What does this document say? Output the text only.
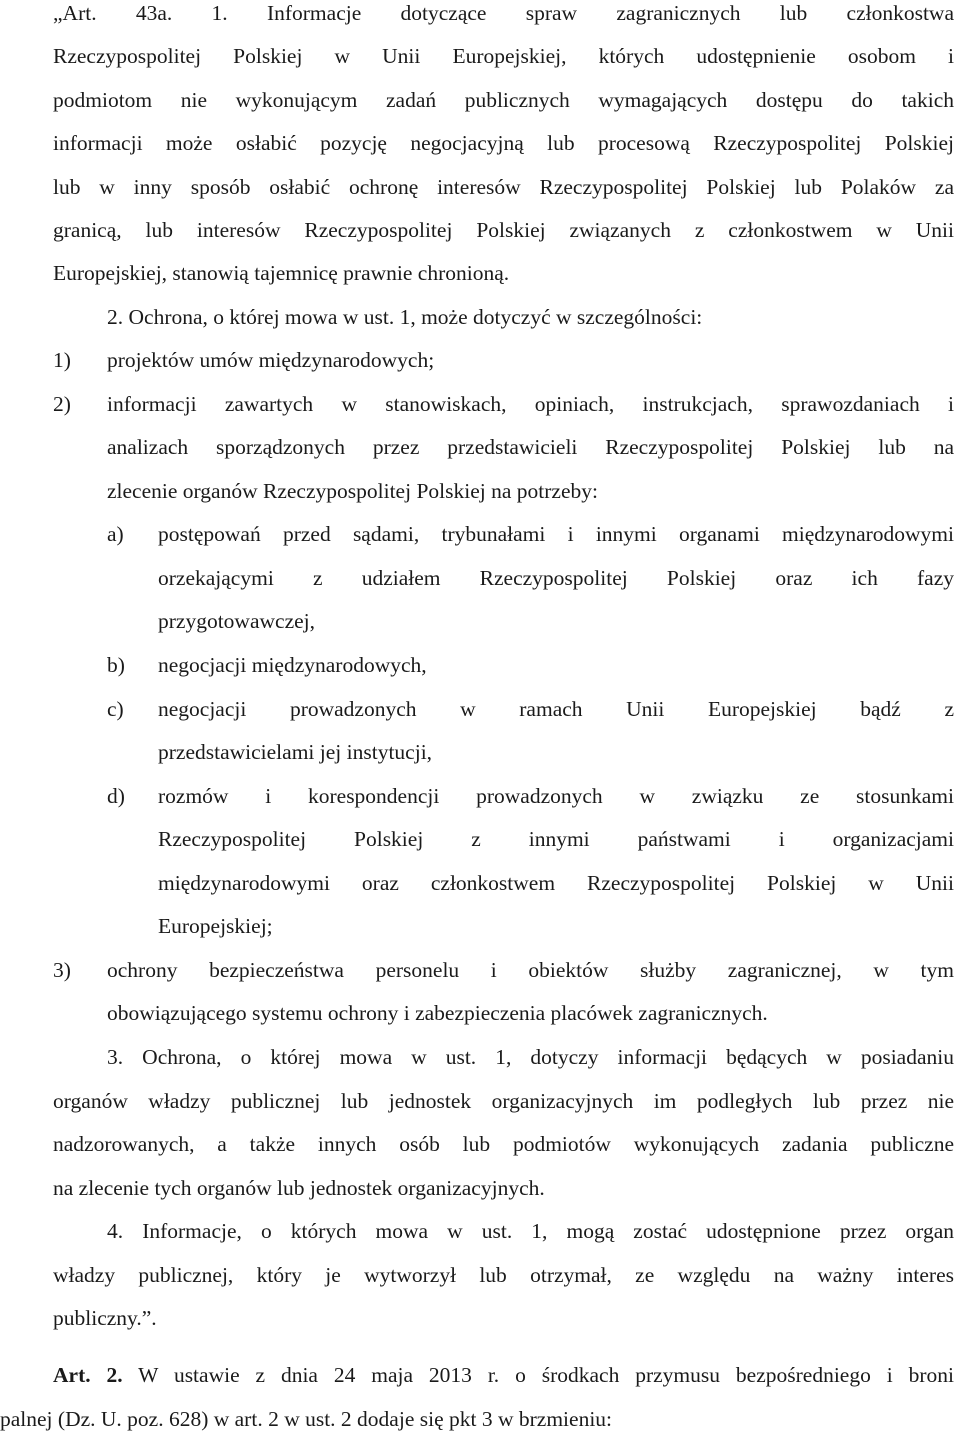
„Art. 43a. 1. Informacje dotyczące spraw zagranicznych lub członkostwa
Rzeczypospolitej Polskiej w Unii Europejskiej, których udostępnienie osobom i
podmiotom nie wykonującym zadań publicznych wymagających dostępu do takich
informacji może osłabić pozycję negocjacyjną lub procesową Rzeczypospolitej Polskiej
lub w inny sposób osłabić ochronę interesów Rzeczypospolitej Polskiej lub Polaków za
granicą, lub interesów Rzeczypospolitej Polskiej związanych z członkostwem w Unii
Europejskiej, stanowią tajemnicę prawnie chronioną.
2. Ochrona, o której mowa w ust. 1, może dotyczyć w szczególności:
1) projektów umów międzynarodowych;
2) informacji zawartych w stanowiskach, opiniach, instrukcjach, sprawozdaniach i
analizach sporządzonych przez przedstawicieli Rzeczypospolitej Polskiej lub na
zlecenie organów Rzeczypospolitej Polskiej na potrzeby:
a) postępowań przed sądami, trybunałami i innymi organami międzynarodowymi
orzekającymi z udziałem Rzeczypospolitej Polskiej oraz ich fazy
przygotowawczej,
b) negocjacji międzynarodowych,
c) negocjacji prowadzonych w ramach Unii Europejskiej bądź z
przedstawicielami jej instytucji,
d) rozmów i korespondencji prowadzonych w związku ze stosunkami
Rzeczypospolitej Polskiej z innymi państwami i organizacjami
międzynarodowymi oraz członkostwem Rzeczypospolitej Polskiej w Unii
Europejskiej;
3) ochrony bezpieczeństwa personelu i obiektów służby zagranicznej, w tym
obowiązującego systemu ochrony i zabezpieczenia placówek zagranicznych.
3. Ochrona, o której mowa w ust. 1, dotyczy informacji będących w posiadaniu
organów władzy publicznej lub jednostek organizacyjnych im podległych lub przez nie
nadzorowanych, a także innych osób lub podmiotów wykonujących zadania publiczne
na zlecenie tych organów lub jednostek organizacyjnych.
4. Informacje, o których mowa w ust. 1, mogą zostać udostępnione przez organ
władzy publicznej, który je wytworzył lub otrzymał, ze względu na ważny interes
publiczny.”.
Art. 2. W ustawie z dnia 24 maja 2013 r. o środkach przymusu bezpośredniego i broni
palnej (Dz. U. poz. 628) w art. 2 w ust. 2 dodaje się pkt 3 w brzmieniu:
